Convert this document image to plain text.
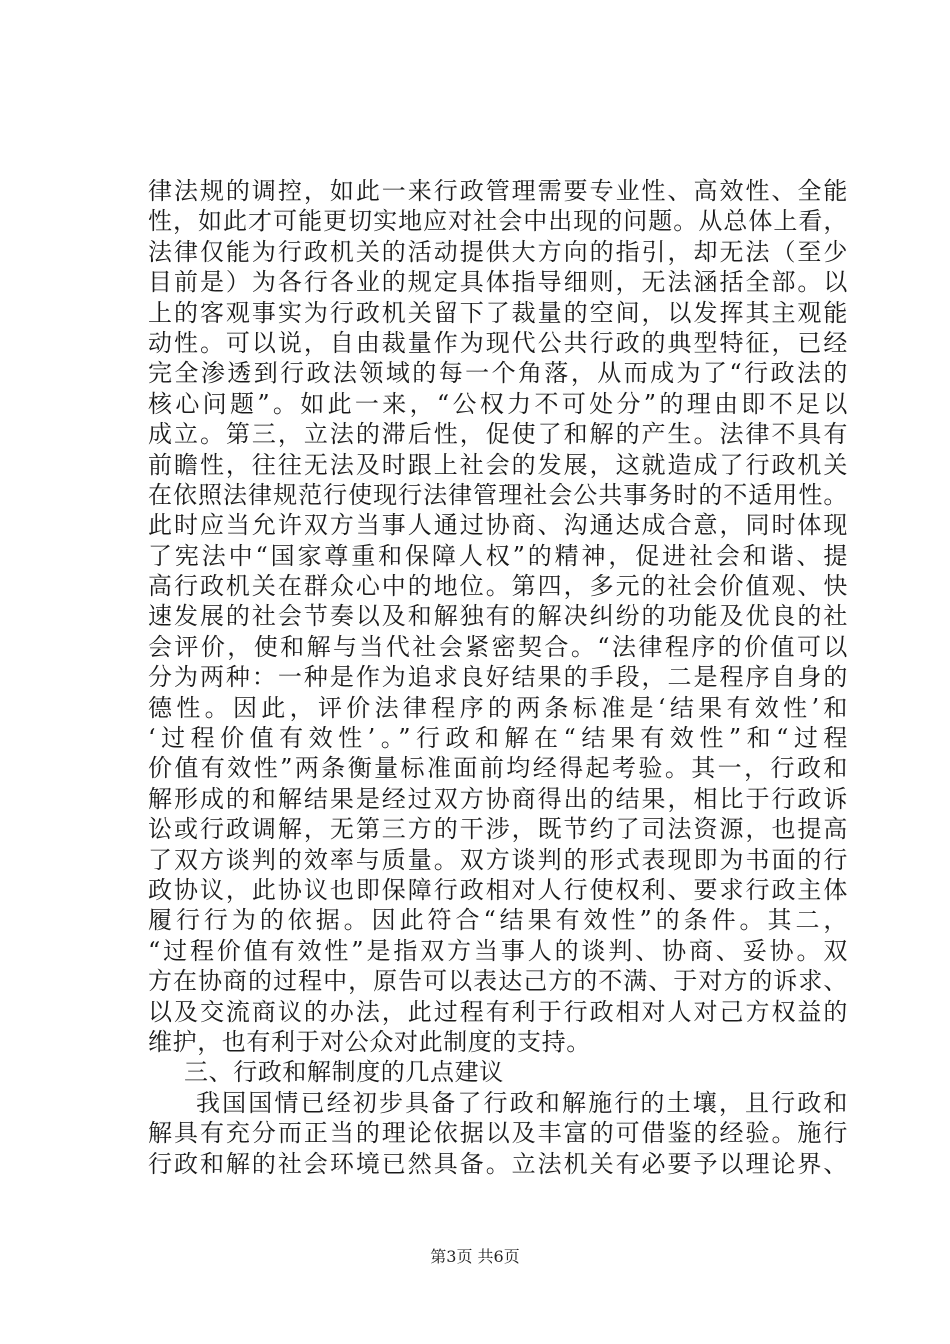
律法规的调控，如此一来行政管理需要专业性、高效性、全能
性，如此才可能更切实地应对社会中出现的问题。从总体上看，
法律仅能为行政机关的活动提供大方向的指引，却无法（至少
目前是）为各行各业的规定具体指导细则，无法涵括全部。以
上的客观事实为行政机关留下了裁量的空间，以发挥其主观能
动性。可以说，自由裁量作为现代公共行政的典型特征，已经
完全渗透到行政法领域的每一个角落，从而成为了“行政法的
核心问题”。如此一来，“公权力不可处分”的理由即不足以
成立。第三，立法的滞后性，促使了和解的产生。法律不具有
前瞻性，往往无法及时跟上社会的发展，这就造成了行政机关
在依照法律规范行使现行法律管理社会公共事务时的不适用性。
此时应当允许双方当事人通过协商、沟通达成合意，同时体现
了宪法中“国家尊重和保障人权”的精神，促进社会和谐、提
高行政机关在群众心中的地位。第四，多元的社会价值观、快
速发展的社会节奏以及和解独有的解决纠纷的功能及优良的社
会评价，使和解与当代社会紧密契合。“法律程序的价值可以
分为两种：一种是作为追求良好结果的手段，二是程序自身的
德性。因此，评价法律程序的两条标准是‘结果有效性’和
‘过程价值有效性’。”行政和解在“结果有效性”和“过程
价值有效性”两条衡量标准面前均经得起考验。其一，行政和
解形成的和解结果是经过双方协商得出的结果，相比于行政诉
讼或行政调解，无第三方的干涉，既节约了司法资源，也提高
了双方谈判的效率与质量。双方谈判的形式表现即为书面的行
政协议，此协议也即保障行政相对人行使权利、要求行政主体
履行行为的依据。因此符合“结果有效性”的条件。其二，
“过程价值有效性”是指双方当事人的谈判、协商、妥协。双
方在协商的过程中，原告可以表达己方的不满、于对方的诉求、
以及交流商议的办法，此过程有利于行政相对人对己方权益的
维护，也有利于对公众对此制度的支持。
三、行政和解制度的几点建议
我国国情已经初步具备了行政和解施行的土壤，且行政和
解具有充分而正当的理论依据以及丰富的可借鉴的经验。施行
行政和解的社会环境已然具备。立法机关有必要予以理论界、
第3页 共6页
